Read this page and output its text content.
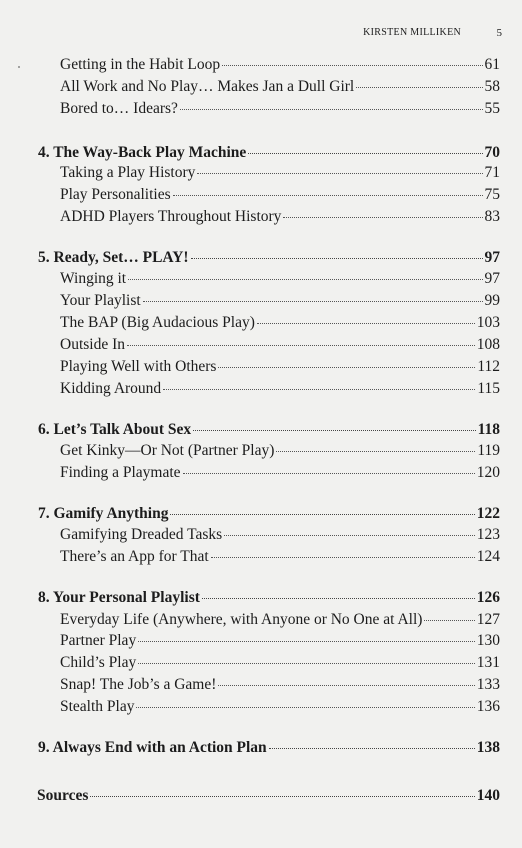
KIRSTEN MILLIKEN	5
Getting in the Habit Loop	61
All Work and No Play… Makes Jan a Dull Girl	58
Bored to… Idears?	55
4. The Way-Back Play Machine	70
Taking a Play History	71
Play Personalities	75
ADHD Players Throughout History	83
5. Ready, Set… PLAY!	97
Winging it	97
Your Playlist	99
The BAP (Big Audacious Play)	103
Outside In	108
Playing Well with Others	112
Kidding Around	115
6. Let’s Talk About Sex	118
Get Kinky—Or Not (Partner Play)	119
Finding a Playmate	120
7. Gamify Anything	122
Gamifying Dreaded Tasks	123
There’s an App for That	124
8. Your Personal Playlist	126
Everyday Life (Anywhere, with Anyone or No One at All)	127
Partner Play	130
Child’s Play	131
Snap! The Job’s a Game!	133
Stealth Play	136
9. Always End with an Action Plan	138
Sources	140
